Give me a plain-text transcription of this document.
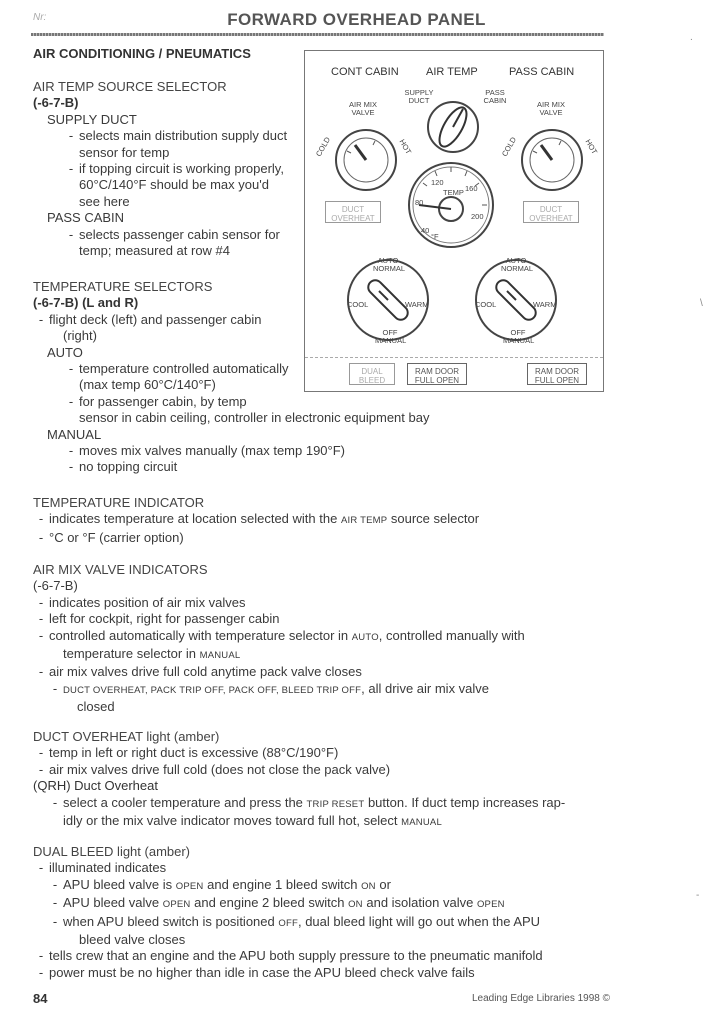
Nr:	FORWARD OVERHEAD PANEL
AIR CONDITIONING / PNEUMATICS
AIR TEMP SOURCE SELECTOR
(-6-7-B)
SUPPLY DUCT
- selects main distribution supply duct
sensor for temp
- if topping circuit is working properly,
60°C/140°F should be max you'd
see here
PASS CABIN
- selects passenger cabin sensor for
temp; measured at row #4
TEMPERATURE SELECTORS
(-6-7-B) (L and R)
- flight deck (left) and passenger cabin
(right)
AUTO
- temperature controlled automatically
(max temp 60°C/140°F)
- for passenger cabin, by temp
sensor in cabin ceiling, controller in electronic equipment bay
MANUAL
- moves mix valves manually (max temp 190°F)
- no topping circuit
TEMPERATURE INDICATOR
- indicates temperature at location selected with the AIR TEMP source selector
- °C or °F (carrier option)
AIR MIX VALVE INDICATORS
(-6-7-B)
- indicates position of air mix valves
- left for cockpit, right for passenger cabin
- controlled automatically with temperature selector in AUTO, controlled manually with
temperature selector in MANUAL
- air mix valves drive full cold anytime pack valve closes
- DUCT OVERHEAT, PACK TRIP OFF, PACK OFF, BLEED TRIP OFF, all drive air mix valve
closed
DUCT OVERHEAT light (amber)
- temp in left or right duct is excessive (88°C/190°F)
- air mix valves drive full cold (does not close the pack valve)
(QRH) Duct Overheat
- select a cooler temperature and press the TRIP RESET button. If duct temp increases rap-
idly or the mix valve indicator moves toward full hot, select MANUAL
DUAL BLEED light (amber)
- illuminated indicates
- APU bleed valve is OPEN and engine 1 bleed switch ON or
- APU bleed valve OPEN and engine 2 bleed switch ON and isolation valve OPEN
- when APU bleed switch is positioned OFF, dual bleed light will go out when the APU
bleed valve closes
- tells crew that an engine and the APU both supply pressure to the pneumatic manifold
- power must be no higher than idle in case the APU bleed check valve fails
CONT CABIN AIR TEMP	PASS CABIN
SUPPLY DUCT
PASS CABIN
AIR MIX VALVE
AIR MIX VALVE
COLD	HOT	COLD	HOT
120
160
TEMP
80
200
40
°F
DUCT OVERHEAT
DUCT OVERHEAT
AUTO NORMAL
COOL	WARM
OFF MANUAL
AUTO NORMAL
COOL	WARM
OFF MANUAL
DUAL BLEED
RAM DOOR FULL OPEN
RAM DOOR FULL OPEN
.
\
-
84	Leading Edge Libraries 1998 ©
